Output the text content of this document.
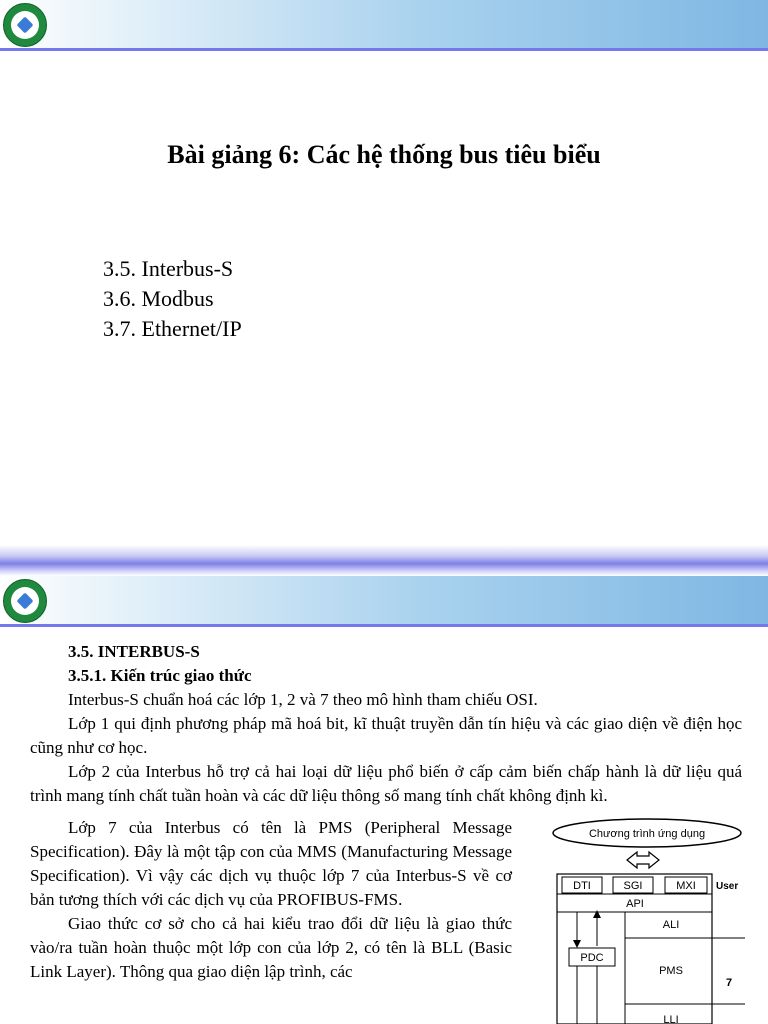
Bài giảng 6: Các hệ thống bus tiêu biểu
3.5. Interbus-S
3.6. Modbus
3.7. Ethernet/IP

3.5. INTERBUS-S

3.5.1. Kiến trúc giao thức

Interbus-S chuẩn hoá các lớp 1, 2 và 7 theo mô hình tham chiếu OSI.

Lớp 1 qui định phương pháp mã hoá bit, kĩ thuật truyền dẫn tín hiệu và các giao diện về điện học cũng như cơ học.

Lớp 2 của Interbus hỗ trợ cả hai loại dữ liệu phổ biến ở cấp cảm biến chấp hành là dữ liệu quá trình mang tính chất tuần hoàn và các dữ liệu thông số mang tính chất không định kì.

Lớp 7 của Interbus có tên là PMS (Peripheral Message Specification). Đây là một tập con của MMS (Manufacturing Message Specification). Vì vậy các dịch vụ thuộc lớp 7 của Interbus-S về cơ bản tương thích với các dịch vụ của PROFIBUS-FMS.

Giao thức cơ sở cho cả hai kiểu trao đổi dữ liệu là giao thức vào/ra tuần hoàn thuộc một lớp con của lớp 2, có tên là BLL (Basic Link Layer). Thông qua giao diện lập trình, các

Chương trình ứng dụng
DTI	SGI	MXI User
API
ALI
PMS
7
LLI
PDC
